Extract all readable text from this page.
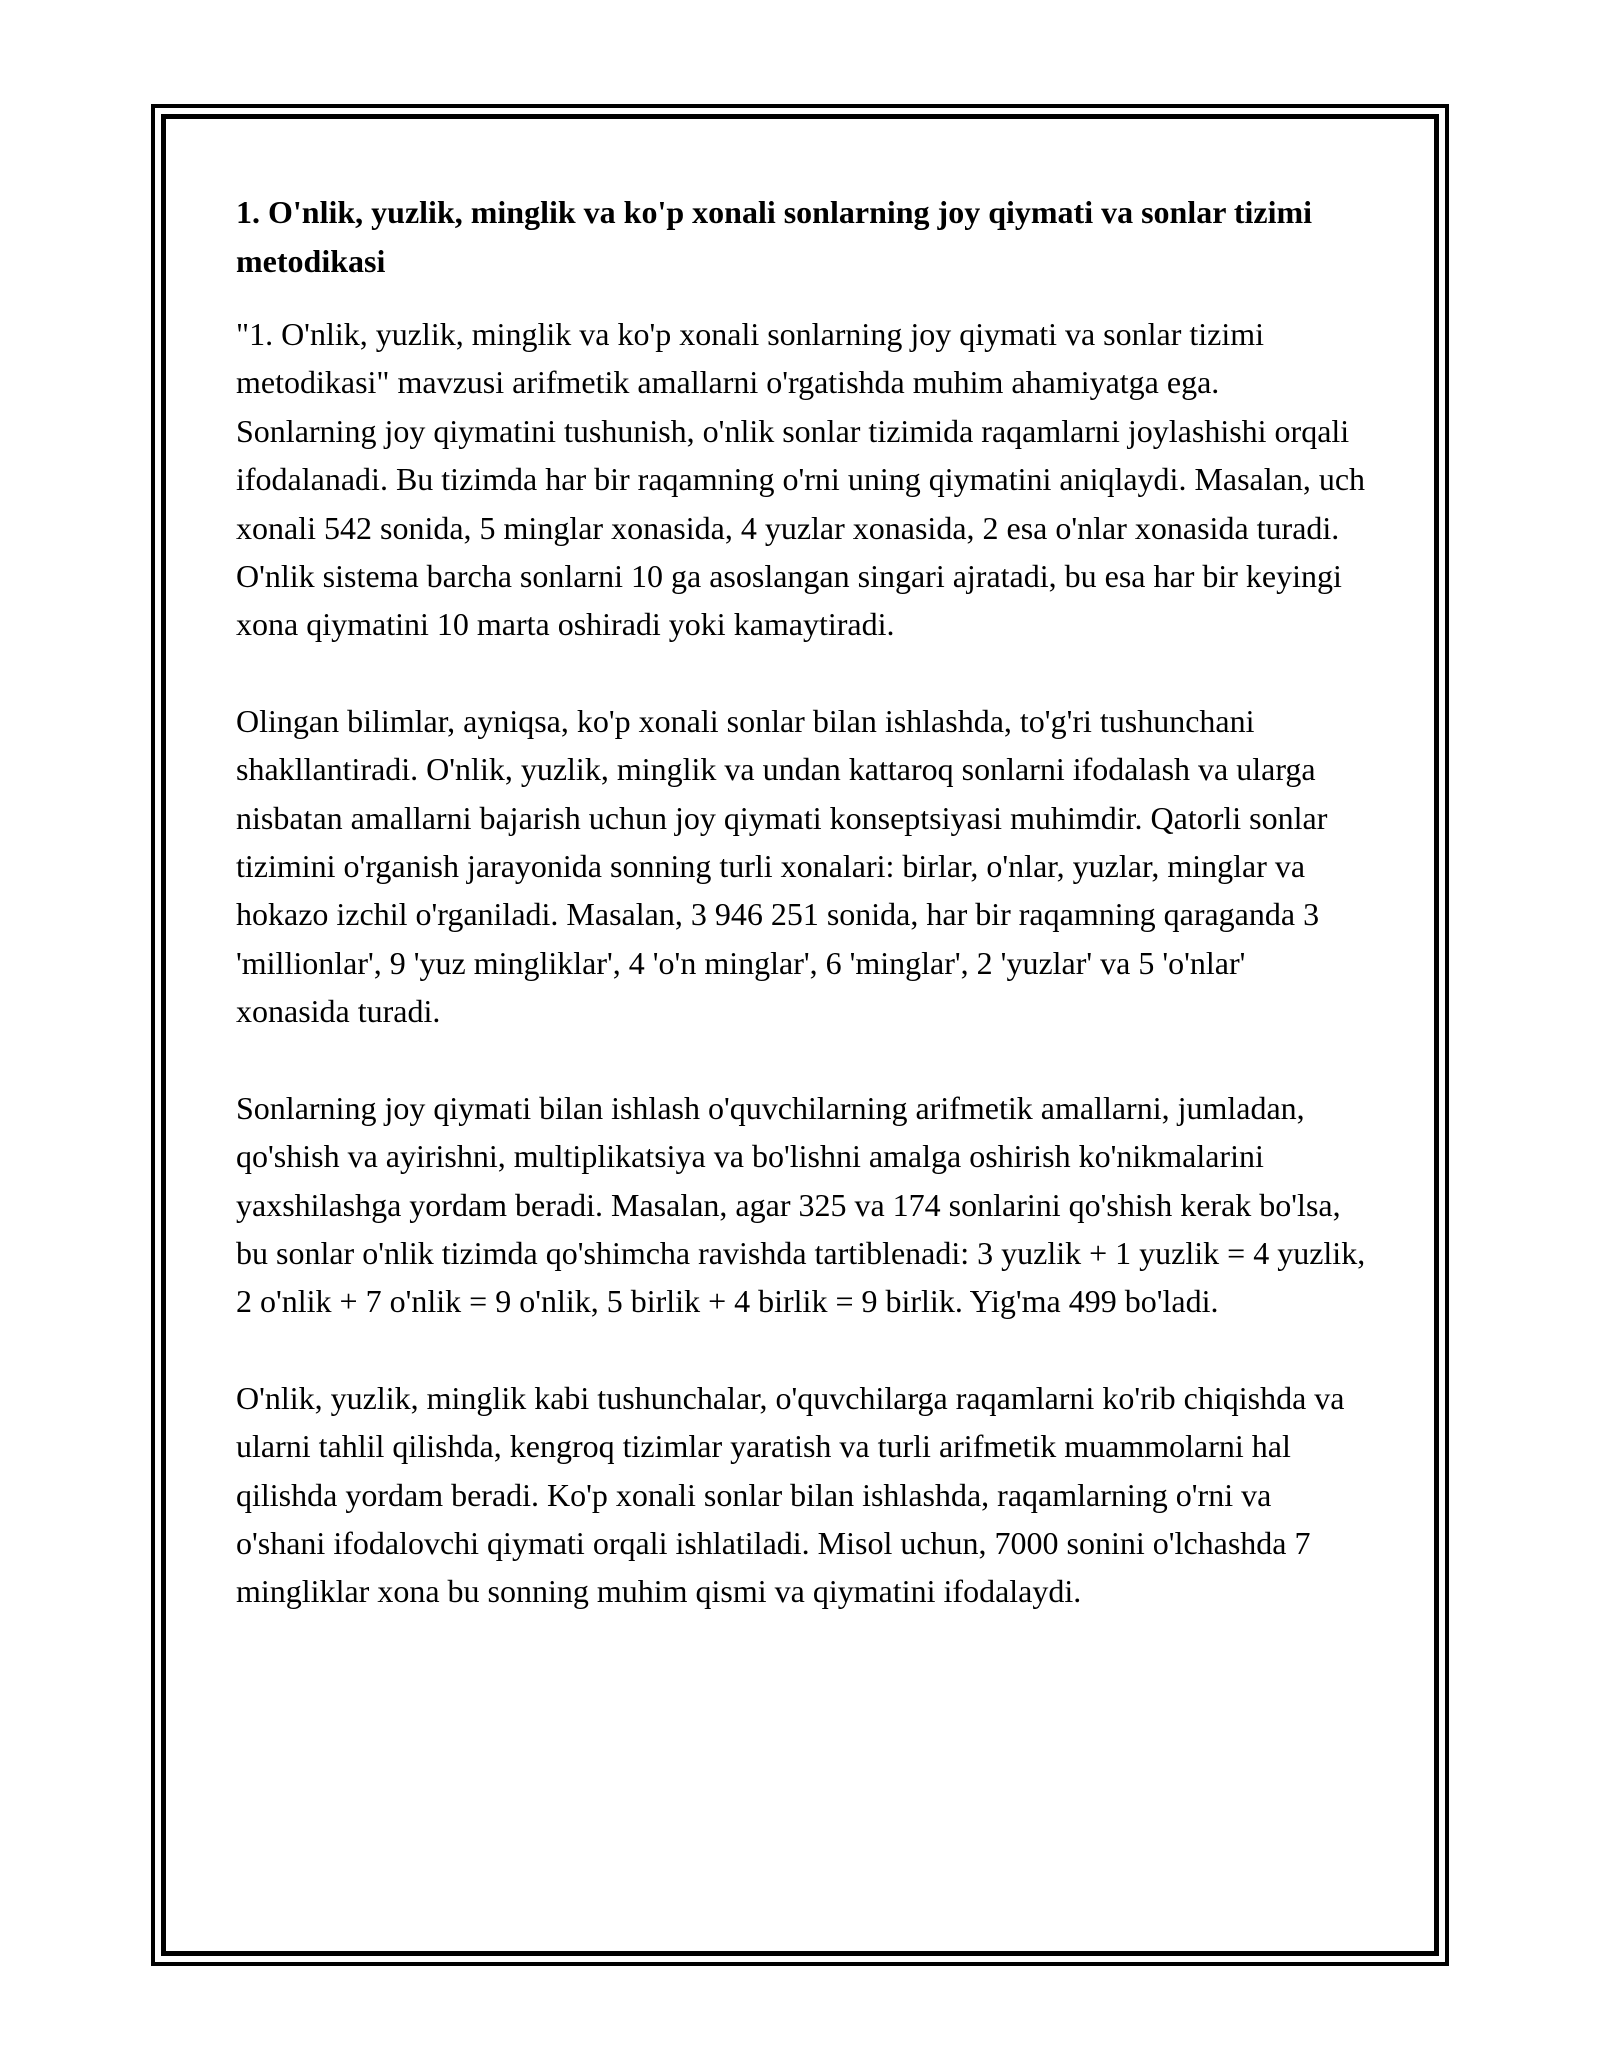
1. O'nlik, yuzlik, minglik va ko'p xonali sonlarning joy qiymati va sonlar tizimi metodikasi

"1. O'nlik, yuzlik, minglik va ko'p xonali sonlarning joy qiymati va sonlar tizimi metodikasi" mavzusi arifmetik amallarni o'rgatishda muhim ahamiyatga ega. Sonlarning joy qiymatini tushunish, o'nlik sonlar tizimida raqamlarni joylashishi orqali ifodalanadi. Bu tizimda har bir raqamning o'rni uning qiymatini aniqlaydi. Masalan, uch xonali 542 sonida, 5 minglar xonasida, 4 yuzlar xonasida, 2 esa o'nlar xonasida turadi. O'nlik sistema barcha sonlarni 10 ga asoslangan singari ajratadi, bu esa har bir keyingi xona qiymatini 10 marta oshiradi yoki kamaytiradi.

Olingan bilimlar, ayniqsa, ko'p xonali sonlar bilan ishlashda, to'g'ri tushunchani shakllantiradi. O'nlik, yuzlik, minglik va undan kattaroq sonlarni ifodalash va ularga nisbatan amallarni bajarish uchun joy qiymati konseptsiyasi muhimdir. Qatorli sonlar tizimini o'rganish jarayonida sonning turli xonalari: birlar, o'nlar, yuzlar, minglar va hokazo izchil o'rganiladi. Masalan, 3 946 251 sonida, har bir raqamning qaraganda 3 'millionlar', 9 'yuz mingliklar', 4 'o'n minglar', 6 'minglar', 2 'yuzlar' va 5 'o'nlar' xonasida turadi.

Sonlarning joy qiymati bilan ishlash o'quvchilarning arifmetik amallarni, jumladan, qo'shish va ayirishni, multiplikatsiya va bo'lishni amalga oshirish ko'nikmalarini yaxshilashga yordam beradi. Masalan, agar 325 va 174 sonlarini qo'shish kerak bo'lsa, bu sonlar o'nlik tizimda qo'shimcha ravishda tartiblenadi: 3 yuzlik + 1 yuzlik = 4 yuzlik, 2 o'nlik + 7 o'nlik = 9 o'nlik, 5 birlik + 4 birlik = 9 birlik. Yig'ma 499 bo'ladi.

O'nlik, yuzlik, minglik kabi tushunchalar, o'quvchilarga raqamlarni ko'rib chiqishda va ularni tahlil qilishda, kengroq tizimlar yaratish va turli arifmetik muammolarni hal qilishda yordam beradi. Ko'p xonali sonlar bilan ishlashda, raqamlarning o'rni va o'shani ifodalovchi qiymati orqali ishlatiladi. Misol uchun, 7000 sonini o'lchashda 7 mingliklar xona bu sonning muhim qismi va qiymatini ifodalaydi.
